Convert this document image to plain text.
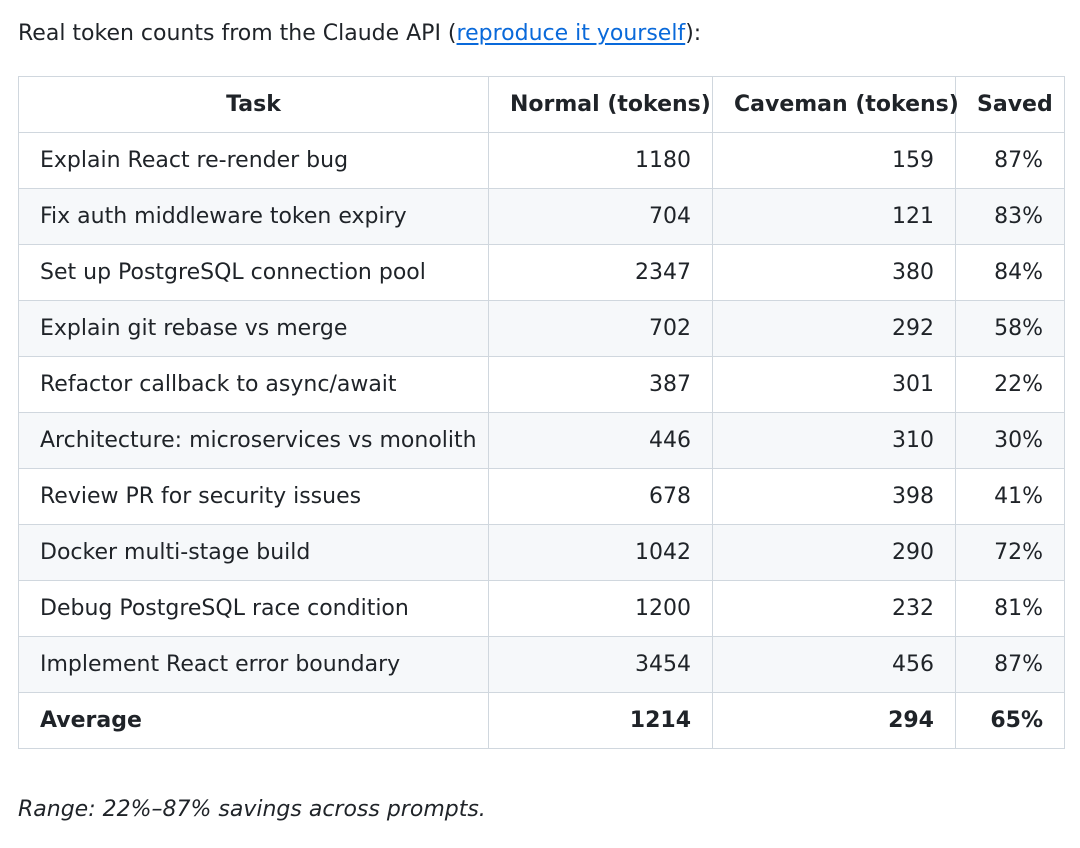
Real token counts from the Claude API (reproduce it yourself):
Task	Normal (tokens)	Caveman (tokens)	Saved
Explain React re-render bug	1180	159	87%
Fix auth middleware token expiry	704	121	83%
Set up PostgreSQL connection pool	2347	380	84%
Explain git rebase vs merge	702	292	58%
Refactor callback to async/await	387	301	22%
Architecture: microservices vs monolith	446	310	30%
Review PR for security issues	678	398	41%
Docker multi-stage build	1042	290	72%
Debug PostgreSQL race condition	1200	232	81%
Implement React error boundary	3454	456	87%
Average	1214	294	65%
Range: 22%–87% savings across prompts.
